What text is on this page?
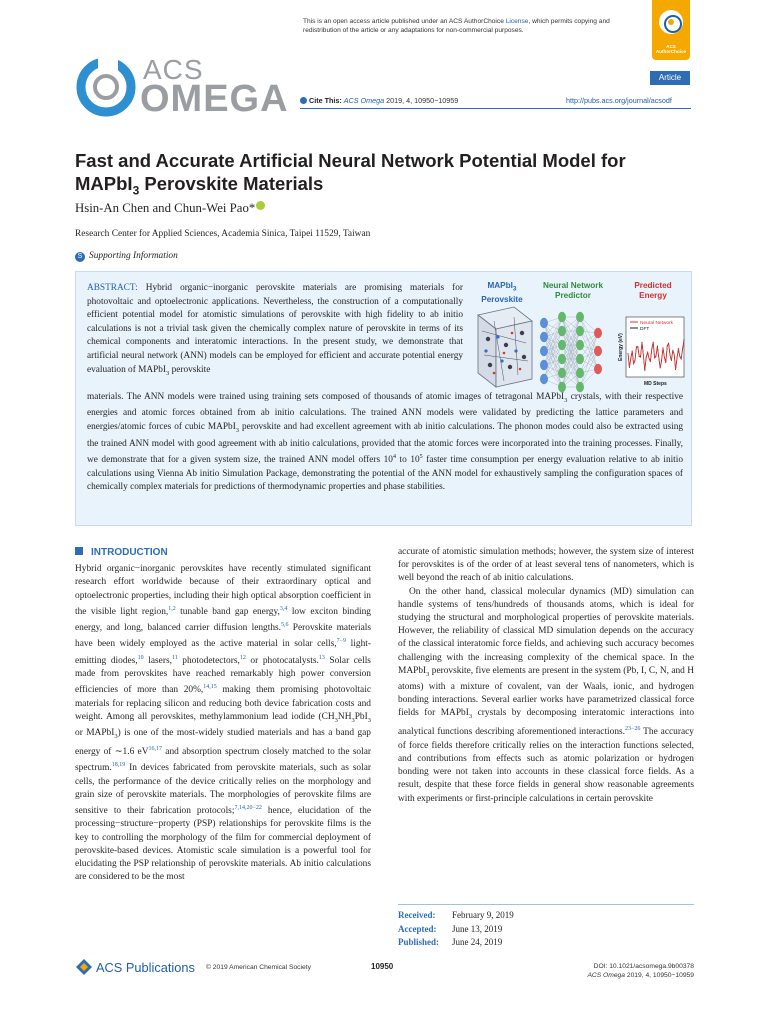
This is an open access article published under an ACS AuthorChoice License, which permits copying and redistribution of the article or any adaptations for non-commercial purposes.
ACS AuthorChoice
ACS
OMEGA
Article
Cite This: ACS Omega 2019, 4, 10950−10959	http://pubs.acs.org/journal/acsodf
Fast and Accurate Artificial Neural Network Potential Model for
MAPbI$_3$ Perovskite Materials
Hsin-An Chen and Chun-Wei Pao*
Research Center for Applied Sciences, Academia Sinica, Taipei 11529, Taiwan
S Supporting Information
ABSTRACT: Hybrid organic−inorganic perovskite materials are promising materials for photovoltaic and optoelectronic applications. Nevertheless, the construction of a computationally efficient potential model for atomistic simulations of perovskite with high fidelity to ab initio calculations is not a trivial task given the chemically complex nature of perovskite in terms of its chemical components and interatomic interactions. In the present study, we demonstrate that artificial neural network (ANN) models can be employed for efficient and accurate potential energy evaluation of MAPbI$_3$ perovskite
materials. The ANN models were trained using training sets composed of thousands of atomic images of tetragonal MAPbI$_3$ crystals, with their respective energies and atomic forces obtained from ab initio calculations. The trained ANN models were validated by predicting the lattice parameters and energies/atomic forces of cubic MAPbI$_3$ perovskite and had excellent agreement with ab initio calculations. The phonon modes could also be extracted using the trained ANN model with good agreement with ab initio calculations, provided that the atomic forces were incorporated into the training processes. Finally, we demonstrate that for a given system size, the trained ANN model offers $10^4$ to $10^5$ faster time consumption per energy evaluation relative to ab initio calculations using Vienna Ab initio Simulation Package, demonstrating the potential of the ANN model for exhaustively sampling the configuration spaces of chemically complex materials for predictions of thermodynamic properties and phase stabilities.
MAPbI$_3$
Perovskite
Neural Network
Predictor
Predicted
Energy
Neural Network
DFT
Energy (eV)
MD Steps
INTRODUCTION

Hybrid organic−inorganic perovskites have recently stimulated significant research effort worldwide because of their extraordinary optical and optoelectronic properties, including their high optical absorption coefficient in the visible light region,$^{1,2}$ tunable band gap energy,$^{3,4}$ low exciton binding energy, and long, balanced carrier diffusion lengths.$^{5,6}$ Perovskite materials have been widely employed as the active material in solar cells,$^{7-9}$ light-emitting diodes,$^{10}$ lasers,$^{11}$ photodetectors,$^{12}$ or photocatalysts.$^{13}$ Solar cells made from perovskites have reached remarkably high power conversion efficiencies of more than 20%,$^{14,15}$ making them promising photovoltaic materials for replacing silicon and reducing both device fabrication costs and weight. Among all perovskites, methylammonium lead iodide ($CH_3NH_3PbI_3$ or MAPbI$_3$) is one of the most-widely studied materials and has a band gap energy of ∼1.6 eV$^{16,17}$ and absorption spectrum closely matched to the solar spectrum.$^{18,19}$ In devices fabricated from perovskite materials, such as solar cells, the performance of the device critically relies on the morphology and grain size of perovskite materials. The morphologies of perovskite films are sensitive to their fabrication protocols;$^{7,14,20-22}$ hence, elucidation of the processing−structure−property (PSP) relationships for perovskite films is the key to controlling the morphology of the film for commercial deployment of perovskite-based devices. Atomistic scale simulation is a powerful tool for elucidating the PSP relationship of perovskite materials. Ab initio calculations are considered to be the most

accurate of atomistic simulation methods; however, the system size of interest for perovskites is of the order of at least several tens of nanometers, which is well beyond the reach of ab initio calculations.

On the other hand, classical molecular dynamics (MD) simulation can handle systems of tens/hundreds of thousands atoms, which is ideal for studying the structural and morphological properties of perovskite materials. However, the reliability of classical MD simulation depends on the accuracy of the classical interatomic force fields, and achieving such accuracy becomes challenging with the increasing complexity of the chemical space. In the MAPbI$_3$ perovskite, five elements are present in the system (Pb, I, C, N, and H atoms) with a mixture of covalent, van der Waals, ionic, and hydrogen bonding interactions. Several earlier works have parametrized classical force fields for MAPbI$_3$ crystals by decomposing interatomic interactions into analytical functions describing aforementioned interactions.$^{23-26}$ The accuracy of force fields therefore critically relies on the interaction functions selected, and contributions from effects such as atomic polarization or hydrogen bonding were not taken into accounts in these classical force fields. As a result, despite that these force fields in general show reasonable agreements with experiments or first-principle calculations in certain perovskite

Received: February 9, 2019
Accepted: June 13, 2019
Published: June 24, 2019
ACS Publications © 2019 American Chemical Society	10950	DOI: 10.1021/acsomega.9b00378
ACS Omega 2019, 4, 10950−10959
